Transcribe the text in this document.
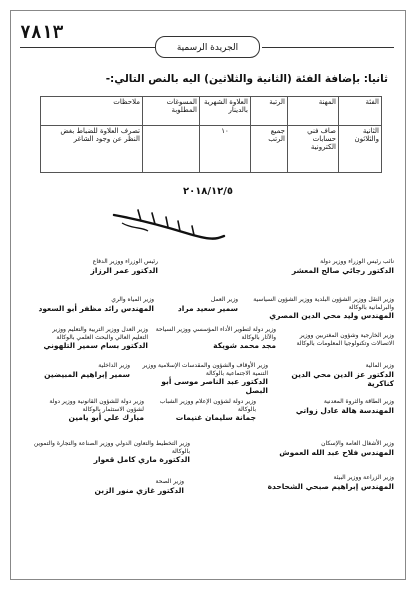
٧٨١٣
الجريدة الرسمية
ثانيا: بإضافة الفئة (الثانية والثلاثين) اليه بالنص التالي:-
الفئة	المهنة	الرتبة	العلاوة الشهرية بالدينار	المسوغات المطلوبة	ملاحظات
الثانية والثلاثون	صاف فني حسابات الكترونية	جميع الرتب	١٠		تصرف العلاوة للضباط بغض النظر عن وجود الشاغر
٢٠١٨/١٢/٥
نائب رئيس الوزراء ووزير دولة
الدكتور رجائي صالح المعشر
رئيس الوزراء ووزير الدفاع
الدكتور عمر الرزاز
وزير النقل ووزير الشؤون البلدية ووزير الشؤون السياسية والبرلمانية بالوكالة
المهندس وليد محي الدين المصري
وزير العمل
سمير سعيد مراد
وزير المياه والري
المهندس رائد مظفر أبو السعود
وزير دولة لتطوير الأداء المؤسسي ووزير السياحة والآثار بالوكالة
مجد محمد شويكة
وزير العدل ووزير التربية والتعليم ووزير التعليم العالي والبحث العلمي بالوكالة
الدكتور بسام سمير التلهوني
وزير الخارجية وشؤون المغتربين ووزير الاتصالات وتكنولوجيا المعلومات بالوكالة
وزير المالية
الدكتور عز الدين محي الدين كناكرية
وزير الأوقاف والشؤون والمقدسات الإسلامية ووزير التنمية الاجتماعية بالوكالة
الدكتور عبد الناصر موسى أبو البصل
وزير الداخلية
سمير إبراهيم المبيضين
وزير دولة لشؤون الإعلام ووزير الشباب بالوكالة
جمانة سليمان غنيمات
وزير دولة للشؤون القانونية ووزير دولة لشؤون الاستثمار بالوكالة
مبارك علي أبو يامين
وزير الطاقة والثروة المعدنية
المهندسة هالة عادل زواتي
وزير الأشغال العامة والإسكان
المهندس فلاح عبد الله العموش
وزير التخطيط والتعاون الدولي ووزير الصناعة والتجارة والتموين بالوكالة
الدكتورة ماري كامل قعوار
وزير الزراعة ووزير البيئة
المهندس إبراهيم صبحي الشحاحدة
وزير الصحة
الدكتور غازي منور الزبن
